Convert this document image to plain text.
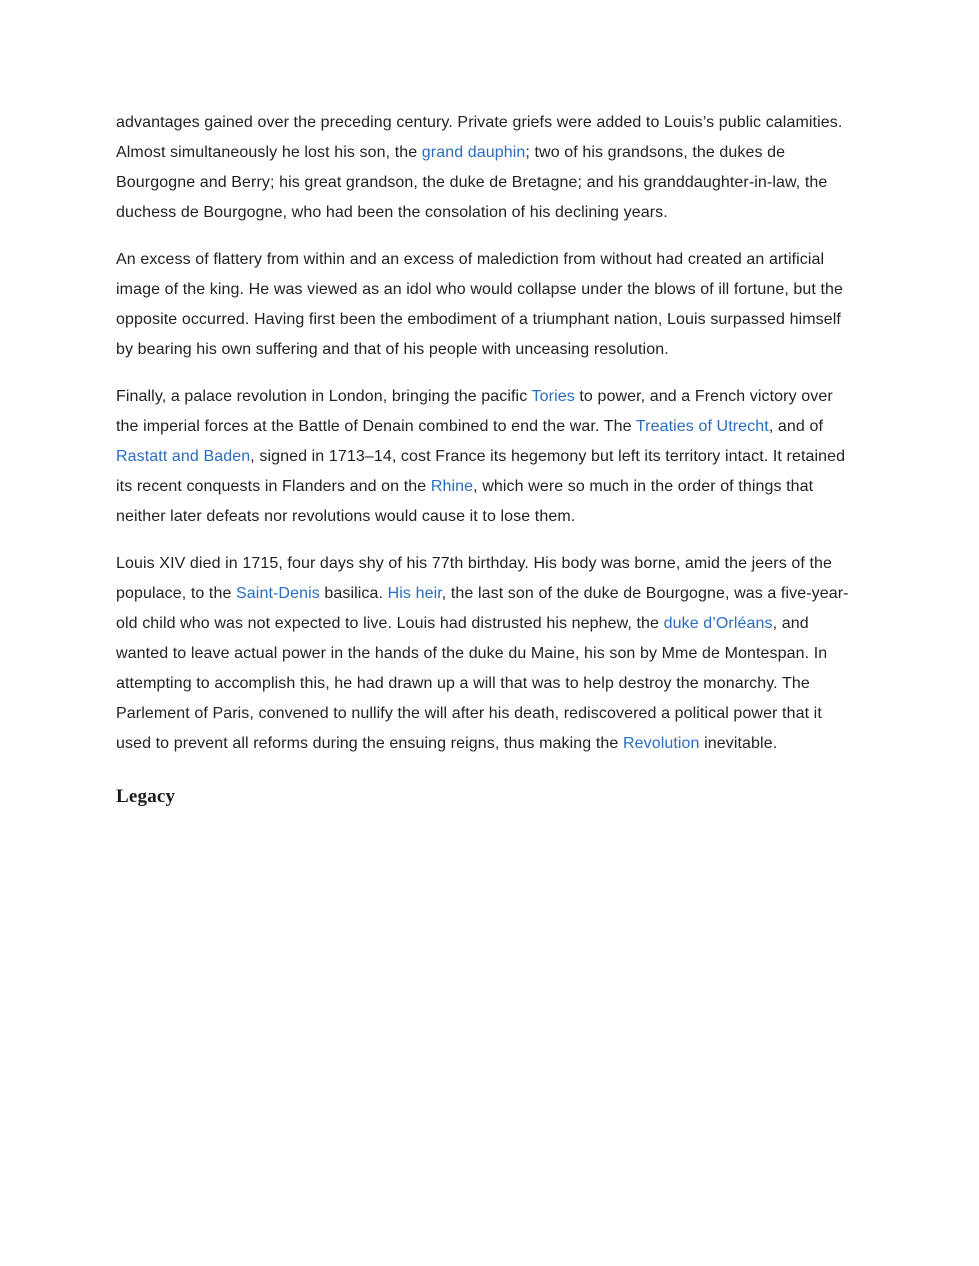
advantages gained over the preceding century. Private griefs were added to Louis’s public calamities. Almost simultaneously he lost his son, the grand dauphin; two of his grandsons, the dukes de Bourgogne and Berry; his great grandson, the duke de Bretagne; and his granddaughter-in-law, the duchess de Bourgogne, who had been the consolation of his declining years.

An excess of flattery from within and an excess of malediction from without had created an artificial image of the king. He was viewed as an idol who would collapse under the blows of ill fortune, but the opposite occurred. Having first been the embodiment of a triumphant nation, Louis surpassed himself by bearing his own suffering and that of his people with unceasing resolution.

Finally, a palace revolution in London, bringing the pacific Tories to power, and a French victory over the imperial forces at the Battle of Denain combined to end the war. The Treaties of Utrecht, and of Rastatt and Baden, signed in 1713–14, cost France its hegemony but left its territory intact. It retained its recent conquests in Flanders and on the Rhine, which were so much in the order of things that neither later defeats nor revolutions would cause it to lose them.

Louis XIV died in 1715, four days shy of his 77th birthday. His body was borne, amid the jeers of the populace, to the Saint-Denis basilica. His heir, the last son of the duke de Bourgogne, was a five-year-old child who was not expected to live. Louis had distrusted his nephew, the duke d’Orléans, and wanted to leave actual power in the hands of the duke du Maine, his son by Mme de Montespan. In attempting to accomplish this, he had drawn up a will that was to help destroy the monarchy. The Parlement of Paris, convened to nullify the will after his death, rediscovered a political power that it used to prevent all reforms during the ensuing reigns, thus making the Revolution inevitable.

Legacy
